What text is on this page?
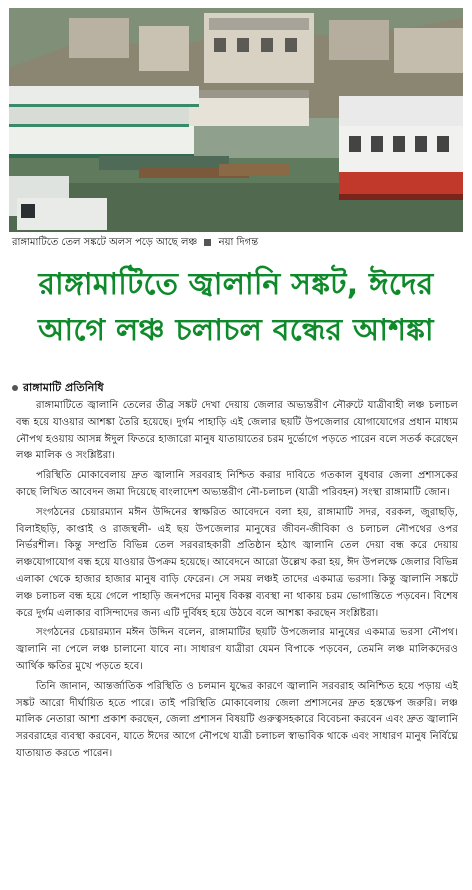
রাঙ্গামাটিতে তেল সঙ্কটে অলস পড়ে আছে লঞ্চ নয়া দিগন্ত
রাঙ্গামাটিতে জ্বালানি সঙ্কট, ঈদের
আগে লঞ্চ চলাচল বন্ধের আশঙ্কা
রাঙ্গামাটি প্রতিনিধি

রাঙ্গামাটিতে জ্বালানি তেলের তীব্র সঙ্কট দেখা দেয়ায় জেলার অভ্যন্তরীণ নৌরুটে যাত্রীবাহী লঞ্চ চলাচল বন্ধ হয়ে যাওয়ার আশঙ্কা তৈরি হয়েছে। দুর্গম পাহাড়ি এই জেলার ছয়টি উপজেলার যোগাযোগের প্রধান মাধ্যম নৌপথ হওয়ায় আসন্ন ঈদুল ফিতরে হাজারো মানুষ যাতায়াতের চরম দুর্ভোগে পড়তে পারেন বলে সতর্ক করেছেন লঞ্চ মালিক ও সংশ্লিষ্টরা।

পরিস্থিতি মোকাবেলায় দ্রুত জ্বালানি সরবরাহ নিশ্চিত করার দাবিতে গতকাল বুধবার জেলা প্রশাসকের কাছে লিখিত আবেদন জমা দিয়েছে বাংলাদেশ অভ্যন্তরীণ নৌ-চলাচল (যাত্রী পরিবহন) সংস্থা রাঙ্গামাটি জোন।

সংগঠনের চেয়ারম্যান মঈন উদ্দিনের স্বাক্ষরিত আবেদনে বলা হয়, রাঙ্গামাটি সদর, বরকল, জুরাছড়ি, বিলাইছড়ি, কাপ্তাই ও রাজস্থলী- এই ছয় উপজেলার মানুষের জীবন-জীবিকা ও চলাচল নৌপথের ওপর নির্ভরশীল। কিন্তু সম্প্রতি বিভিন্ন তেল সরবরাহকারী প্রতিষ্ঠান হঠাৎ জ্বালানি তেল দেয়া বন্ধ করে দেয়ায় লঞ্চযোগাযোগ বন্ধ হয়ে যাওয়ার উপক্রম হয়েছে। আবেদনে আরো উল্লেখ করা হয়, ঈদ উপলক্ষে জেলার বিভিন্ন এলাকা থেকে হাজার হাজার মানুষ বাড়ি ফেরেন। সে সময় লঞ্চই তাদের একমাত্র ভরসা। কিন্তু জ্বালানি সঙ্কটে লঞ্চ চলাচল বন্ধ হয়ে গেলে পাহাড়ি জনপদের মানুষ বিকল্প ব্যবস্থা না থাকায় চরম ভোগান্তিতে পড়বেন। বিশেষ করে দুর্গম এলাকার বাসিন্দাদের জন্য এটি দুর্বিষহ হয়ে উঠবে বলে আশঙ্কা করছেন সংশ্লিষ্টরা।

সংগঠনের চেয়ারম্যান মঈন উদ্দিন বলেন, রাঙ্গামাটির ছয়টি উপজেলার মানুষের একমাত্র ভরসা নৌপথ। জ্বালানি না পেলে লঞ্চ চালানো যাবে না। সাধারণ যাত্রীরা যেমন বিপাকে পড়বেন, তেমনি লঞ্চ মালিকদেরও আর্থিক ক্ষতির মুখে পড়তে হবে।

তিনি জানান, আন্তর্জাতিক পরিস্থিতি ও চলমান যুদ্ধের কারণে জ্বালানি সরবরাহ অনিশ্চিত হয়ে পড়ায় এই সঙ্কট আরো দীর্ঘায়িত হতে পারে। তাই পরিস্থিতি মোকাবেলায় জেলা প্রশাসনের দ্রুত হস্তক্ষেপ জরুরি। লঞ্চ মালিক নেতারা আশা প্রকাশ করছেন, জেলা প্রশাসন বিষয়টি গুরুত্বসহকারে বিবেচনা করবেন এবং দ্রুত জ্বালানি সরবরাহের ব্যবস্থা করবেন, যাতে ঈদের আগে নৌপথে যাত্রী চলাচল স্বাভাবিক থাকে এবং সাধারণ মানুষ নির্বিঘ্নে যাতায়াত করতে পারেন।
